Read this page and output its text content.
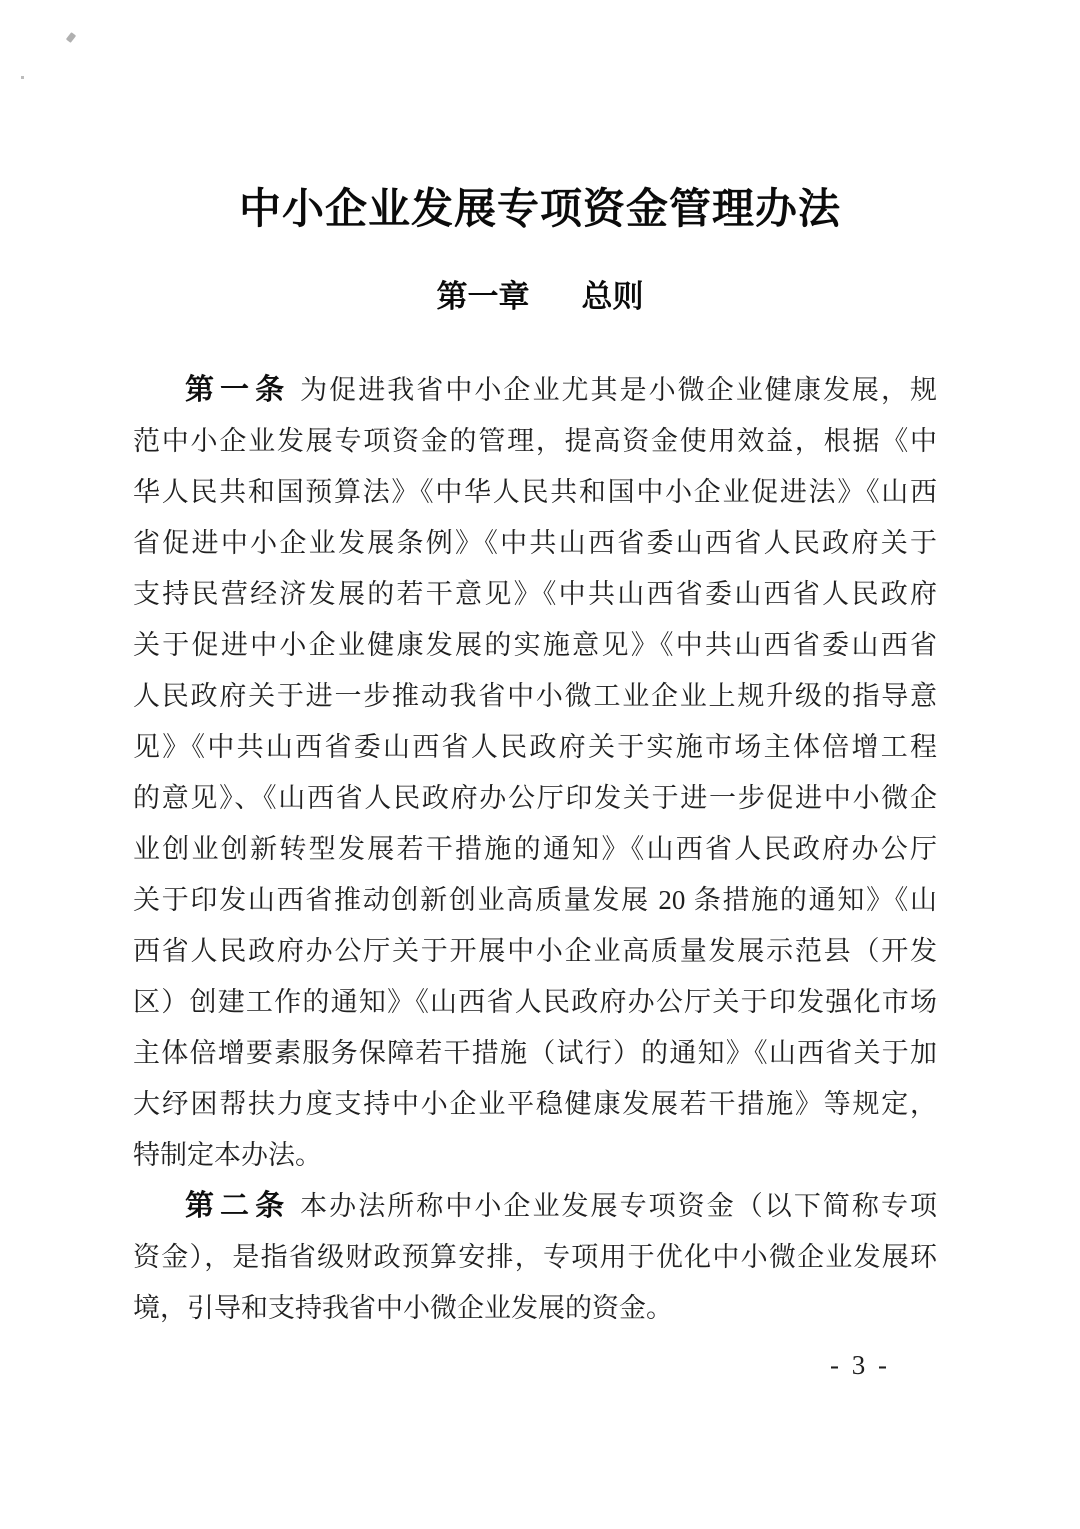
中小企业发展专项资金管理办法
第一章 总则
第一条 为促进我省中小企业尤其是小微企业健康发展，规
范中小企业发展专项资金的管理，提高资金使用效益，根据《中
华人民共和国预算法》《中华人民共和国中小企业促进法》《山西
省促进中小企业发展条例》《中共山西省委山西省人民政府关于
支持民营经济发展的若干意见》《中共山西省委山西省人民政府
关于促进中小企业健康发展的实施意见》《中共山西省委山西省
人民政府关于进一步推动我省中小微工业企业上规升级的指导意
见》《中共山西省委山西省人民政府关于实施市场主体倍增工程
的意见》、《山西省人民政府办公厅印发关于进一步促进中小微企
业创业创新转型发展若干措施的通知》《山西省人民政府办公厅
关于印发山西省推动创新创业高质量发展 20 条措施的通知》《山
西省人民政府办公厅关于开展中小企业高质量发展示范县（开发
区）创建工作的通知》《山西省人民政府办公厅关于印发强化市场
主体倍增要素服务保障若干措施（试行）的通知》《山西省关于加
大纾困帮扶力度支持中小企业平稳健康发展若干措施》等规定，
特制定本办法。
第二条 本办法所称中小企业发展专项资金（以下简称专项
资金），是指省级财政预算安排，专项用于优化中小微企业发展环
境，引导和支持我省中小微企业发展的资金。
- 3 -
